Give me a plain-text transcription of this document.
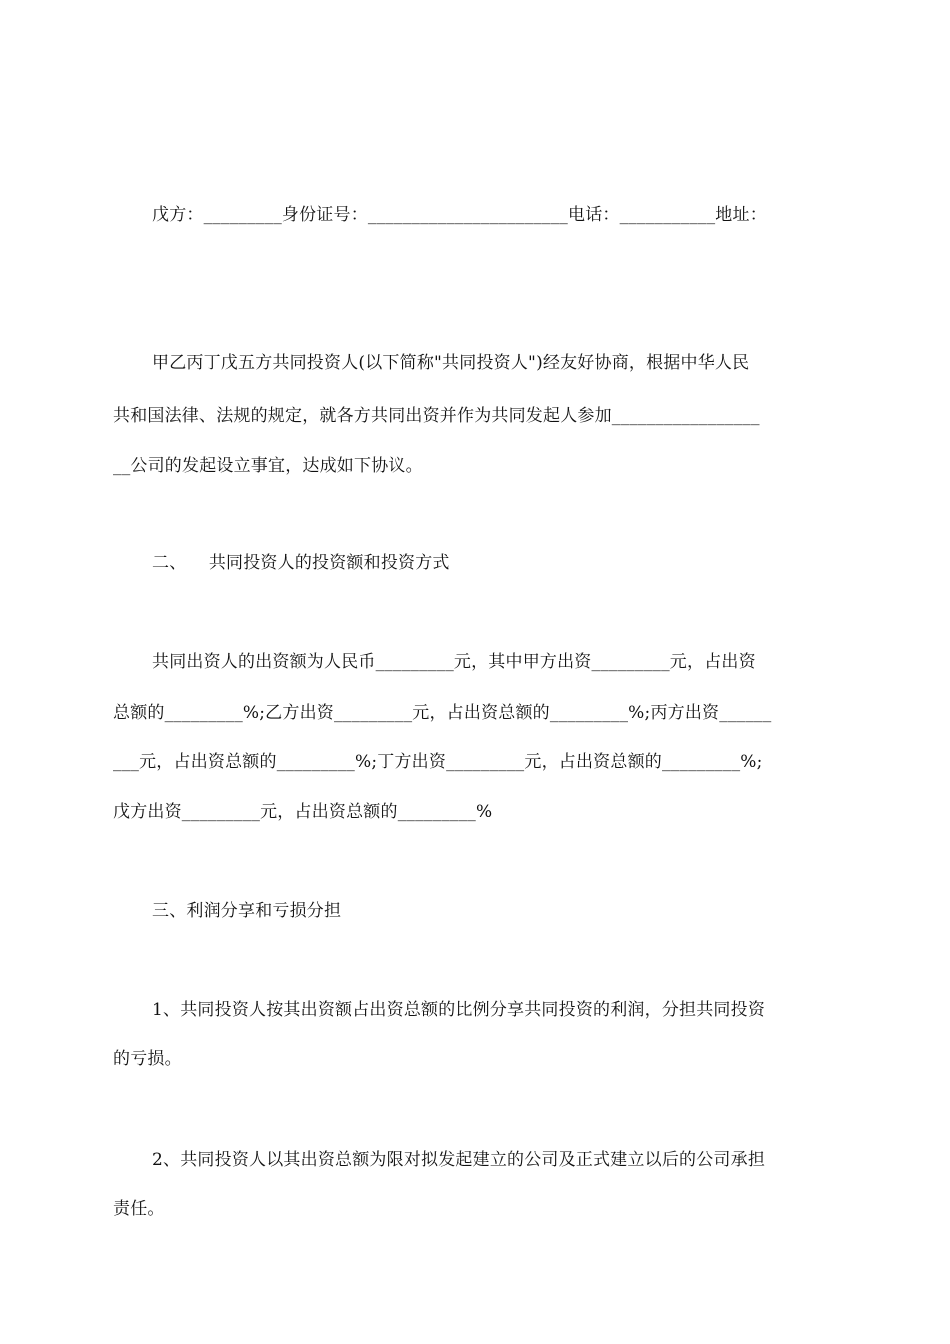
戊方：_________身份证号：_______________________电话：___________地址：
甲乙丙丁戊五方共同投资人(以下简称"共同投资人")经友好协商，根据中华人民
共和国法律、法规的规定，就各方共同出资并作为共同发起人参加_________________
__公司的发起设立事宜，达成如下协议。
二、    共同投资人的投资额和投资方式
共同出资人的出资额为人民币_________元，其中甲方出资_________元，占出资
总额的_________%;乙方出资_________元，占出资总额的_________%;丙方出资______
___元，占出资总额的_________%;丁方出资_________元，占出资总额的_________%;
戊方出资_________元，占出资总额的_________%
三、利润分享和亏损分担
1、共同投资人按其出资额占出资总额的比例分享共同投资的利润，分担共同投资
的亏损。
2、共同投资人以其出资总额为限对拟发起建立的公司及正式建立以后的公司承担
责任。
